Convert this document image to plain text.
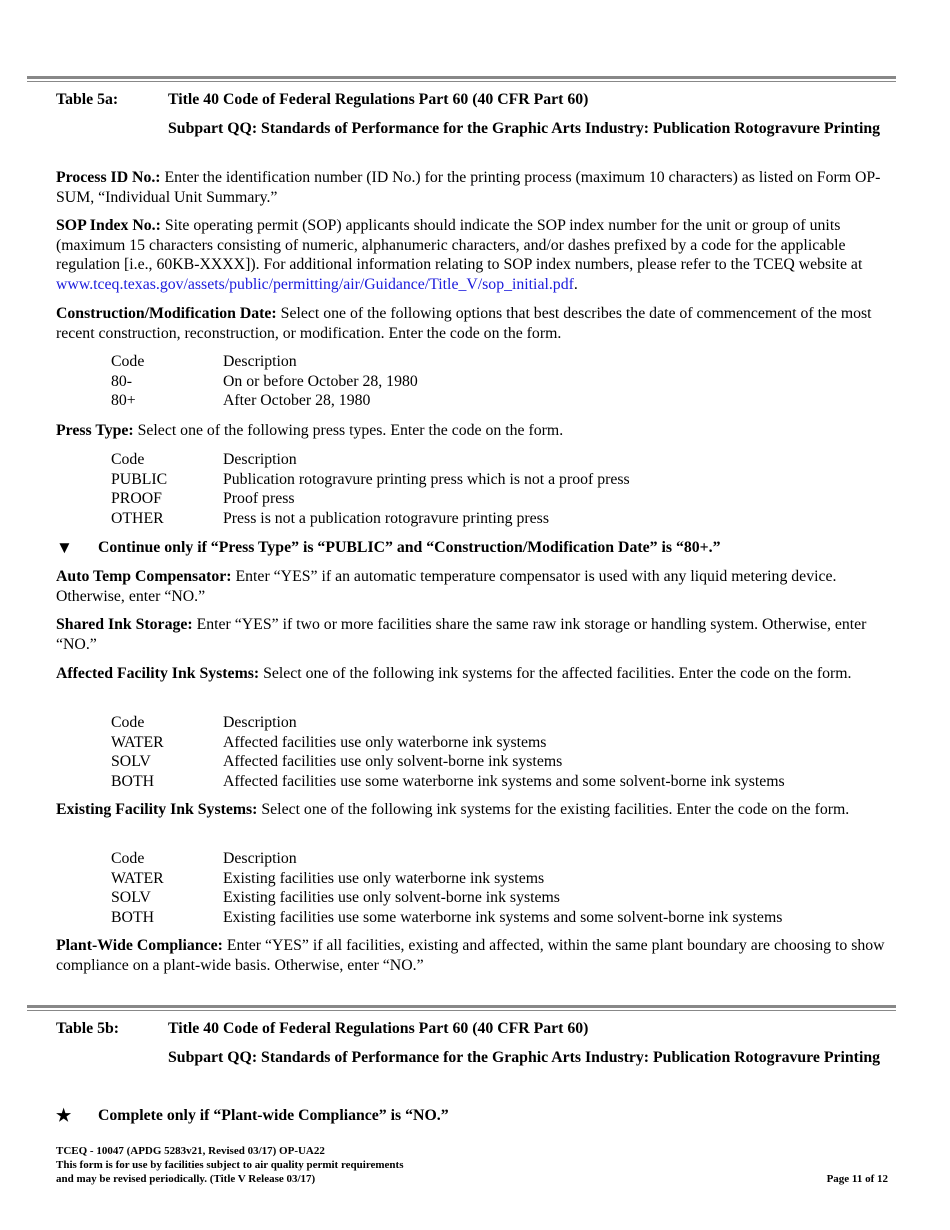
Table 5a:	Title 40 Code of Federal Regulations Part 60 (40 CFR Part 60)
Subpart QQ: Standards of Performance for the Graphic Arts Industry: Publication Rotogravure Printing
Process ID No.: Enter the identification number (ID No.) for the printing process (maximum 10 characters) as listed on Form OP-SUM, “Individual Unit Summary.”
SOP Index No.: Site operating permit (SOP) applicants should indicate the SOP index number for the unit or group of units (maximum 15 characters consisting of numeric, alphanumeric characters, and/or dashes prefixed by a code for the applicable regulation [i.e., 60KB-XXXX]). For additional information relating to SOP index numbers, please refer to the TCEQ website at www.tceq.texas.gov/assets/public/permitting/air/Guidance/Title_V/sop_initial.pdf.
Construction/Modification Date: Select one of the following options that best describes the date of commencement of the most recent construction, reconstruction, or modification. Enter the code on the form.
Code	Description
80-	On or before October 28, 1980
80+	After October 28, 1980
Press Type: Select one of the following press types. Enter the code on the form.
Code	Description
PUBLIC	Publication rotogravure printing press which is not a proof press
PROOF	Proof press
OTHER	Press is not a publication rotogravure printing press
▼ Continue only if “Press Type” is “PUBLIC” and “Construction/Modification Date” is “80+.”
Auto Temp Compensator: Enter “YES” if an automatic temperature compensator is used with any liquid metering device. Otherwise, enter “NO.”
Shared Ink Storage: Enter “YES” if two or more facilities share the same raw ink storage or handling system. Otherwise, enter “NO.”
Affected Facility Ink Systems: Select one of the following ink systems for the affected facilities. Enter the code on the form.
Code	Description
WATER	Affected facilities use only waterborne ink systems
SOLV	Affected facilities use only solvent-borne ink systems
BOTH	Affected facilities use some waterborne ink systems and some solvent-borne ink systems
Existing Facility Ink Systems: Select one of the following ink systems for the existing facilities. Enter the code on the form.
Code	Description
WATER	Existing facilities use only waterborne ink systems
SOLV	Existing facilities use only solvent-borne ink systems
BOTH	Existing facilities use some waterborne ink systems and some solvent-borne ink systems
Plant-Wide Compliance: Enter “YES” if all facilities, existing and affected, within the same plant boundary are choosing to show compliance on a plant-wide basis. Otherwise, enter “NO.”
Table 5b:	Title 40 Code of Federal Regulations Part 60 (40 CFR Part 60)
Subpart QQ: Standards of Performance for the Graphic Arts Industry: Publication Rotogravure Printing
★ Complete only if “Plant-wide Compliance” is “NO.”
TCEQ - 10047 (APDG 5283v21, Revised 03/17) OP-UA22
This form is for use by facilities subject to air quality permit requirements
and may be revised periodically. (Title V Release 03/17)	Page 11 of 12
